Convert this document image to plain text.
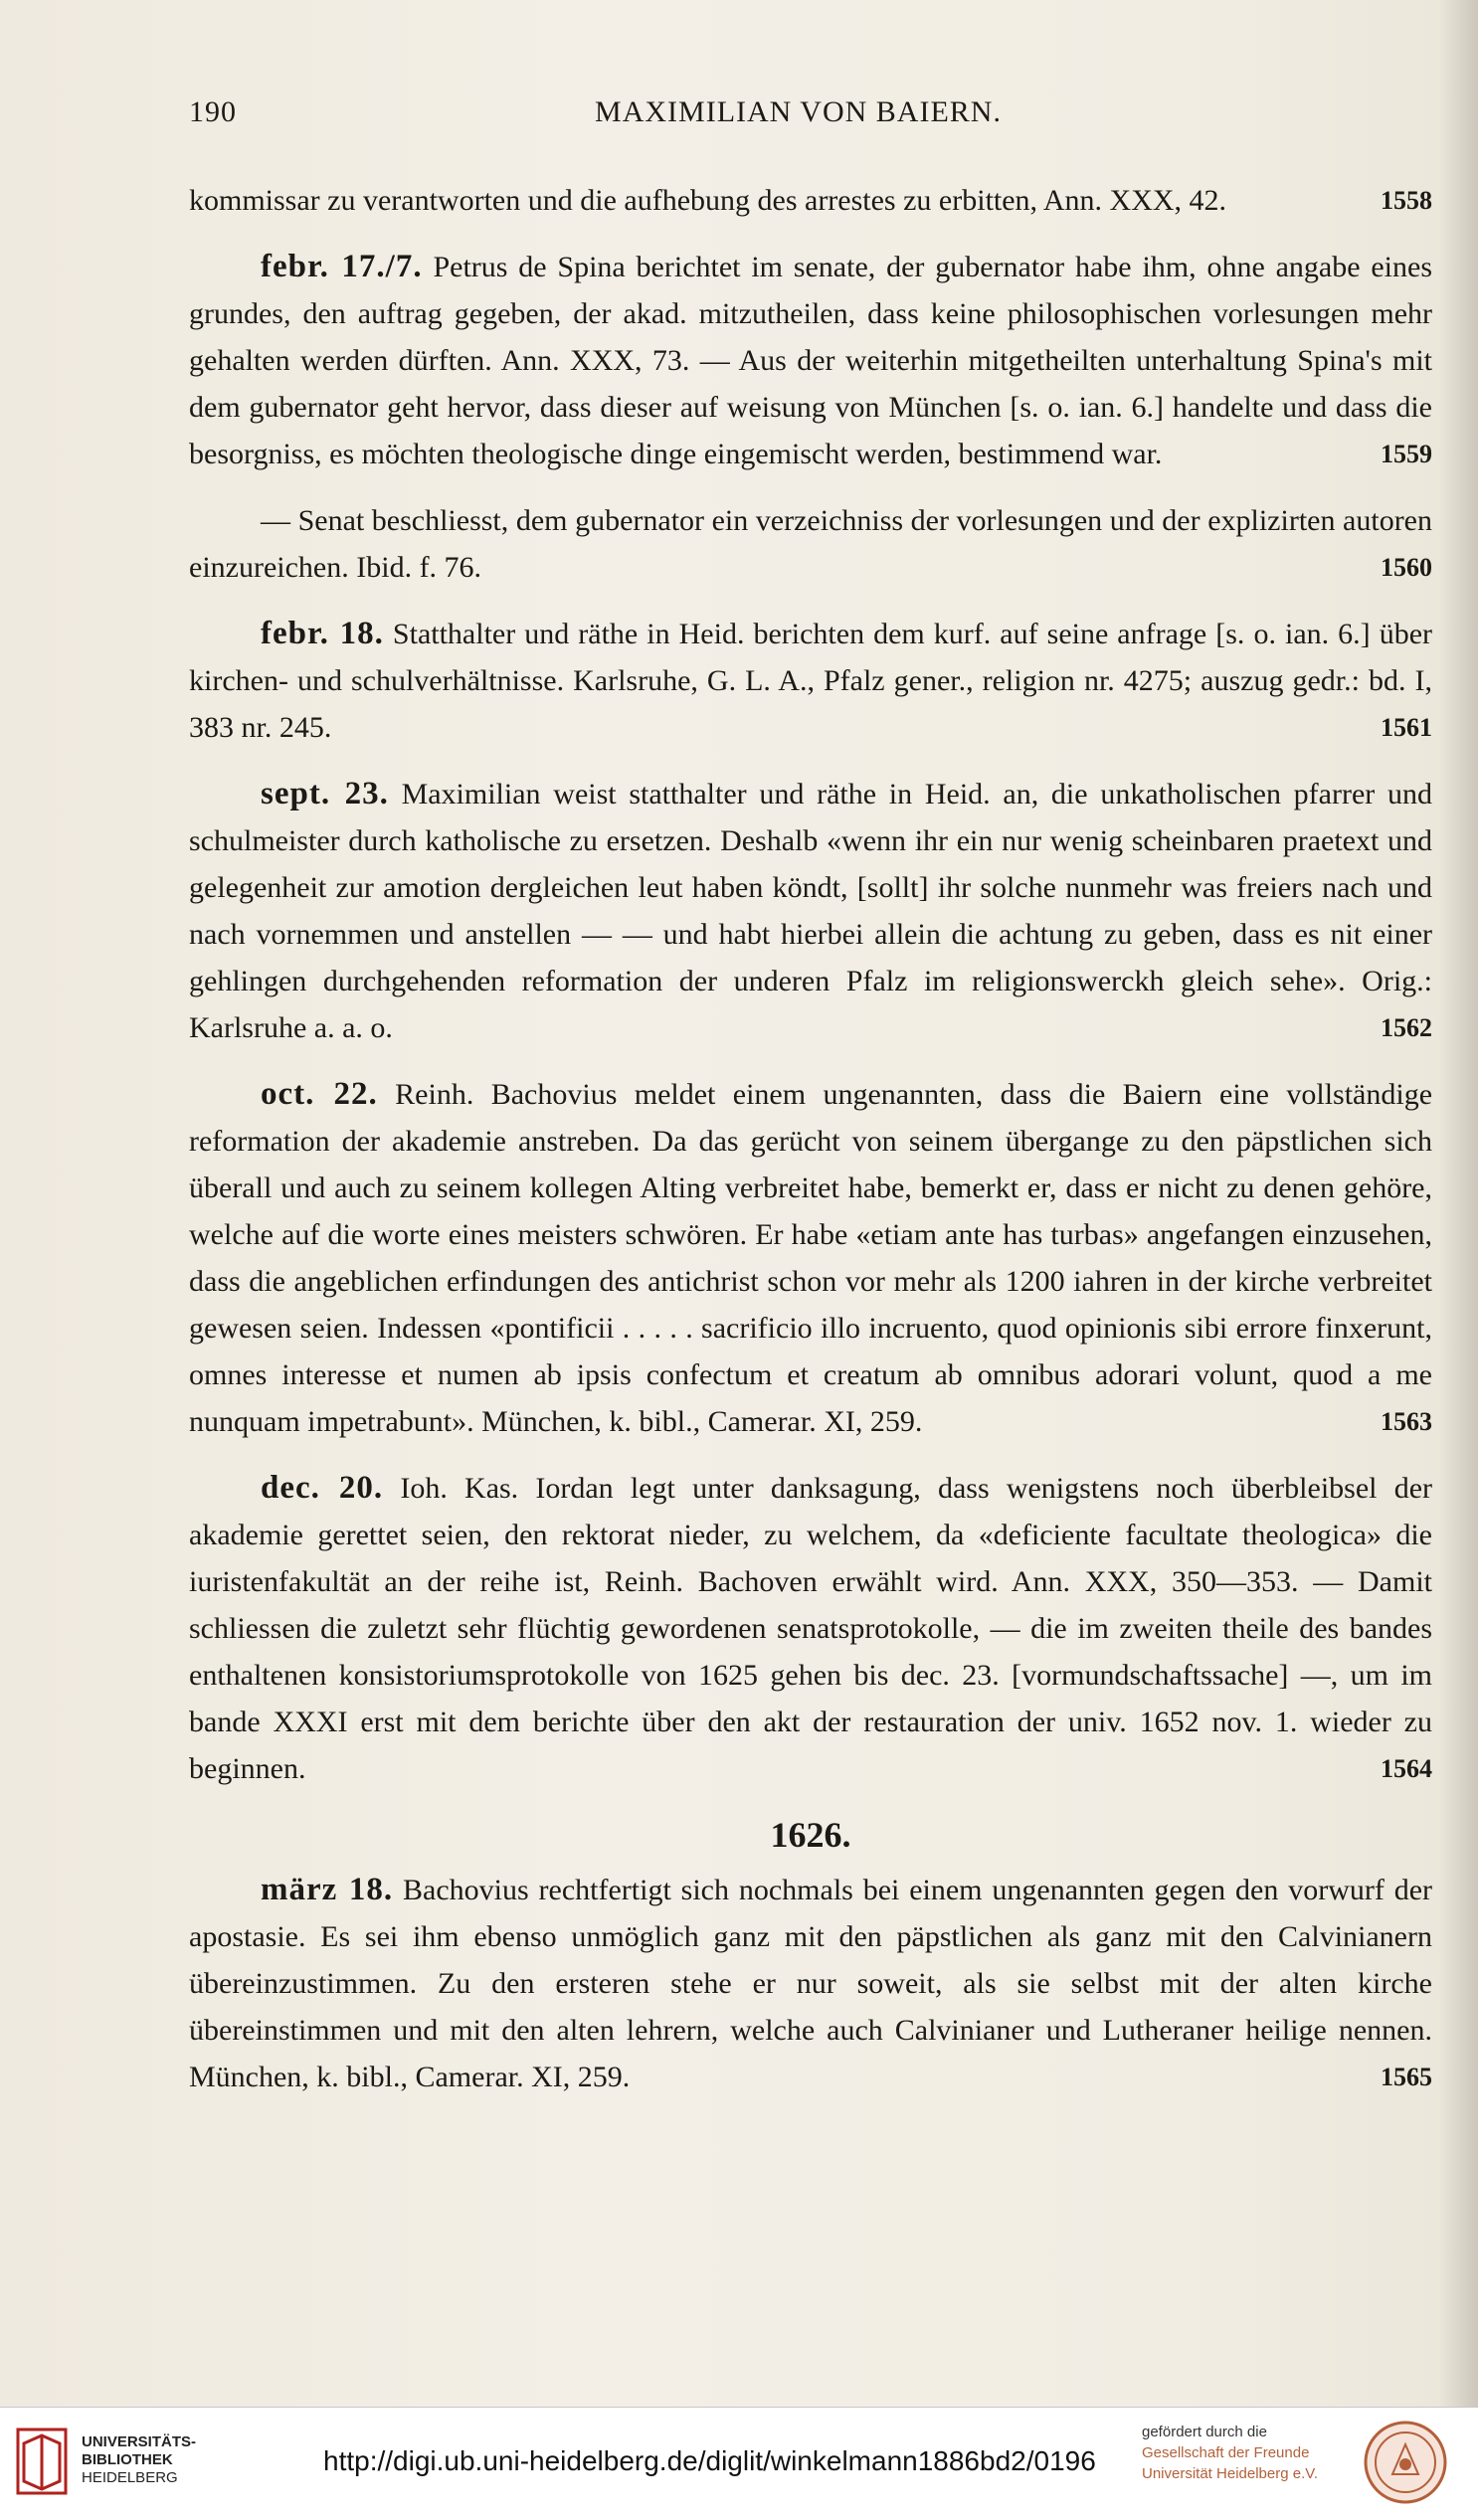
MAXIMILIAN VON BAIERN.
190

kommissar zu verantworten und die aufhebung des arrestes zu erbitten, Ann. XXX, 42.	1558

febr. 17./7. Petrus de Spina berichtet im senate, der gubernator habe ihm, ohne angabe eines grundes, den auftrag gegeben, der akad. mitzutheilen, dass keine philosophischen vorlesungen mehr gehalten werden dürften. Ann. XXX, 73. — Aus der weiterhin mitgetheilten unterhaltung Spina's mit dem gubernator geht hervor, dass dieser auf weisung von München [s. o. ian. 6.] handelte und dass die besorgniss, es möchten theologische dinge eingemischt werden, bestimmend war.	1559

— Senat beschliesst, dem gubernator ein verzeichniss der vorlesungen und der explizirten autoren einzureichen. Ibid. f. 76.	1560

febr. 18. Statthalter und räthe in Heid. berichten dem kurf. auf seine anfrage [s. o. ian. 6.] über kirchen- und schulverhältnisse. Karlsruhe, G. L. A., Pfalz gener., religion nr. 4275; auszug gedr.: bd. I, 383 nr. 245.	1561

sept. 23. Maximilian weist statthalter und räthe in Heid. an, die unkatholischen pfarrer und schulmeister durch katholische zu ersetzen. Deshalb «wenn ihr ein nur wenig scheinbaren praetext und gelegenheit zur amotion dergleichen leut haben köndt, [sollt] ihr solche nunmehr was freiers nach und nach vornemmen und anstellen — — und habt hierbei allein die achtung zu geben, dass es nit einer gehlingen durchgehenden reformation der underen Pfalz im religionswerckh gleich sehe». Orig.: Karlsruhe a. a. o.	1562

oct. 22. Reinh. Bachovius meldet einem ungenannten, dass die Baiern eine vollständige reformation der akademie anstreben. Da das gerücht von seinem übergange zu den päpstlichen sich überall und auch zu seinem kollegen Alting verbreitet habe, bemerkt er, dass er nicht zu denen gehöre, welche auf die worte eines meisters schwören. Er habe «etiam ante has turbas» angefangen einzusehen, dass die angeblichen erfindungen des antichrist schon vor mehr als 1200 iahren in der kirche verbreitet gewesen seien. Indessen «pontificii . . . . . sacrificio illo incruento, quod opinionis sibi errore finxerunt, omnes interesse et numen ab ipsis confectum et creatum ab omnibus adorari volunt, quod a me nunquam impetrabunt». München, k. bibl., Camerar. XI, 259.	1563

dec. 20. Ioh. Kas. Iordan legt unter danksagung, dass wenigstens noch überbleibsel der akademie gerettet seien, den rektorat nieder, zu welchem, da «deficiente facultate theologica» die iuristenfakultät an der reihe ist, Reinh. Bachoven erwählt wird. Ann. XXX, 350—353. — Damit schliessen die zuletzt sehr flüchtig gewordenen senatsprotokolle, — die im zweiten theile des bandes enthaltenen konsistoriumsprotokolle von 1625 gehen bis dec. 23. [vormundschaftssache] —, um im bande XXXI erst mit dem berichte über den akt der restauration der univ. 1652 nov. 1. wieder zu beginnen.	1564

1626.

märz 18. Bachovius rechtfertigt sich nochmals bei einem ungenannten gegen den vorwurf der apostasie. Es sei ihm ebenso unmöglich ganz mit den päpstlichen als ganz mit den Calvinianern übereinzustimmen. Zu den ersteren stehe er nur soweit, als sie selbst mit der alten kirche übereinstimmen und mit den alten lehrern, welche auch Calvinianer und Lutheraner heilige nennen. München, k. bibl., Camerar. XI, 259.	1565

UNIVERSITÄTS-
BIBLIOTHEK
HEIDELBERG
http://digi.ub.uni-heidelberg.de/diglit/winkelmann1886bd2/0196
gefördert durch die
Gesellschaft der Freunde
Universität Heidelberg e.V.
